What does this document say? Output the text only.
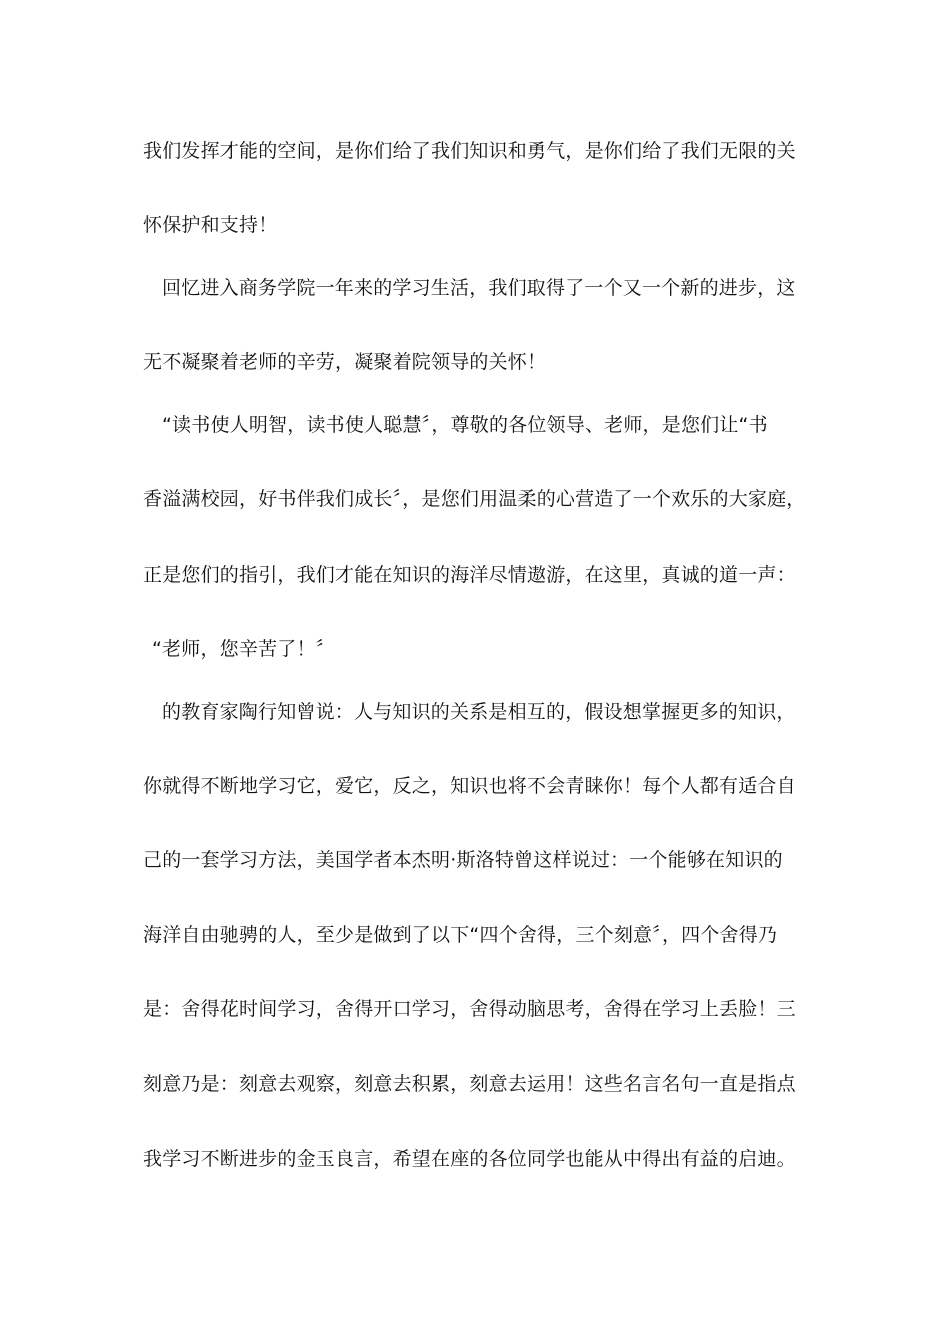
我们发挥才能的空间，是你们给了我们知识和勇气，是你们给了我们无限的关
怀保护和支持！
回忆进入商务学院一年来的学习生活，我们取得了一个又一个新的进步，这
无不凝聚着老师的辛劳，凝聚着院领导的关怀！
“读书使人明智，读书使人聪慧〞，尊敬的各位领导、老师，是您们让“书
香溢满校园，好书伴我们成长〞，是您们用温柔的心营造了一个欢乐的大家庭，
正是您们的指引，我们才能在知识的海洋尽情遨游，在这里，真诚的道一声：
“老师，您辛苦了！〞
的教育家陶行知曾说：人与知识的关系是相互的，假设想掌握更多的知识，
你就得不断地学习它，爱它，反之，知识也将不会青睐你！每个人都有适合自
己的一套学习方法，美国学者本杰明·斯洛特曾这样说过：一个能够在知识的
海洋自由驰骋的人，至少是做到了以下“四个舍得，三个刻意〞，四个舍得乃
是：舍得花时间学习，舍得开口学习，舍得动脑思考，舍得在学习上丢脸！三
刻意乃是：刻意去观察，刻意去积累，刻意去运用！这些名言名句一直是指点
我学习不断进步的金玉良言，希望在座的各位同学也能从中得出有益的启迪。
